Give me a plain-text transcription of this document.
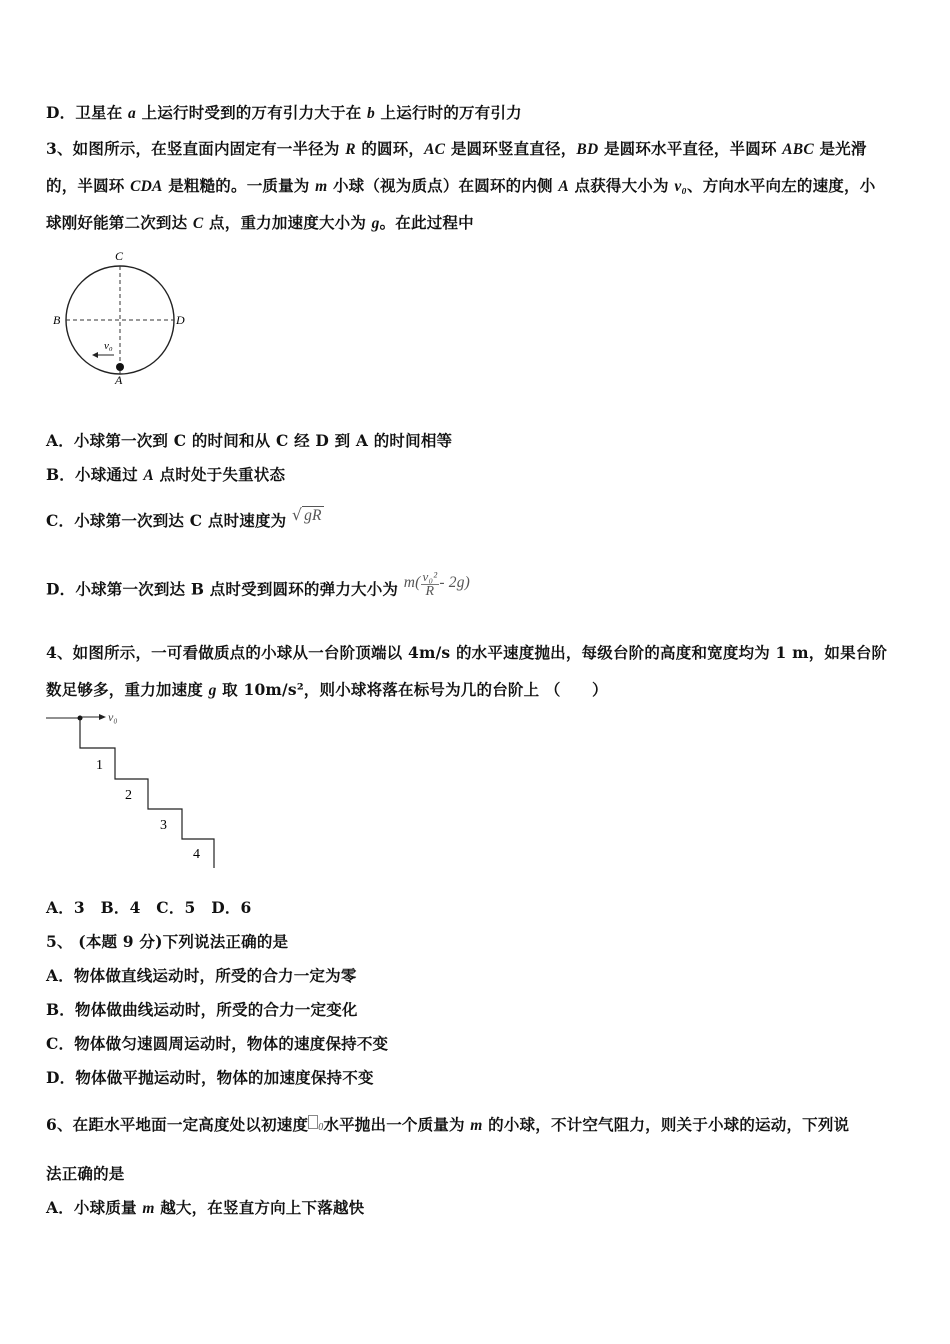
D．卫星在 a 上运行时受到的万有引力大于在 b 上运行时的万有引力
3、如图所示，在竖直面内固定有一半径为 R 的圆环，AC 是圆环竖直直径，BD 是圆环水平直径，半圆环 ABC 是光滑
的，半圆环 CDA 是粗糙的。一质量为 m 小球（视为质点）在圆环的内侧 A 点获得大小为 v₀、方向水平向左的速度，小
球刚好能第二次到达 C 点，重力加速度大小为 g。在此过程中
C
B	D
A
v₀
A．小球第一次到 C 的时间和从 C 经 D 到 A 的时间相等
B．小球通过 A 点时处于失重状态
C．小球第一次到达 C 点时速度为 √ gR
D．小球第一次到达 B 点时受到圆环的弹力大小为 $m( \frac{\text{v₀²}}{R} - 2g)$
4、如图所示，一可看做质点的小球从一台阶顶端以 4m/s 的水平速度抛出，每级台阶的高度和宽度均为 1 m，如果台阶
数足够多，重力加速度 g 取 10m/s²，则小球将落在标号为几的台阶上 （　　）
v₀
1
2
3
4
A．3　B．4　C．5　D．6
5、 (本题 9 分)下列说法正确的是
A．物体做直线运动时，所受的合力一定为零
B．物体做曲线运动时，所受的合力一定变化
C．物体做匀速圆周运动时，物体的速度保持不变
D．物体做平抛运动时，物体的加速度保持不变
6、在距水平地面一定高度处以初速度 0水平抛出一个质量为 m 的小球，不计空气阻力，则关于小球的运动，下列说
法正确的是
A．小球质量 m 越大，在竖直方向上下落越快
